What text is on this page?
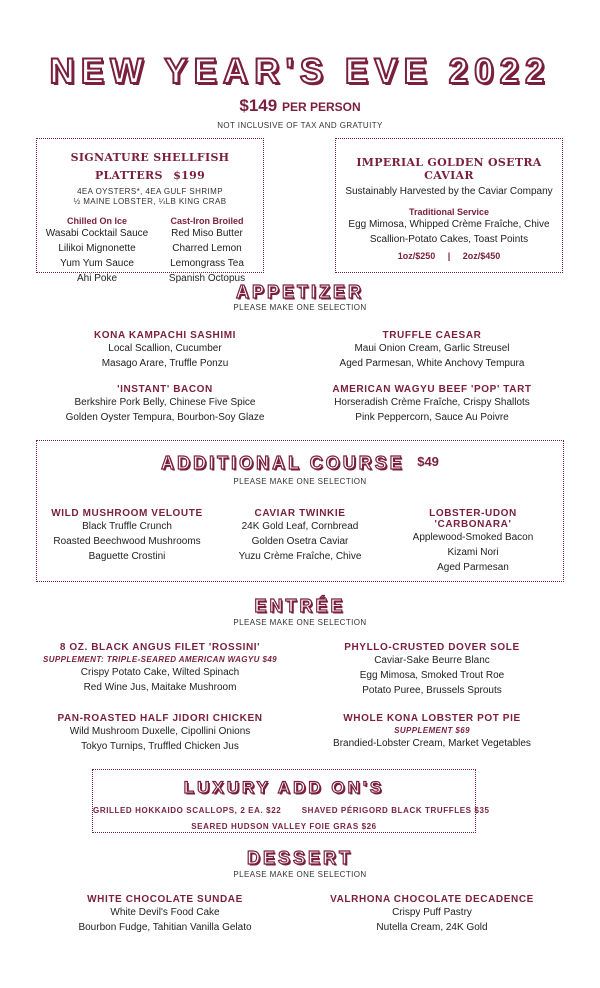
NEW YEAR'S EVE 2022
$149 PER PERSON
NOT INCLUSIVE OF TAX AND GRATUITY
SIGNATURE SHELLFISH PLATTERS $199
4EA OYSTERS*, 4EA GULF SHRIMP
½ MAINE LOBSTER, ¼LB KING CRAB
Chilled On Ice
Wasabi Cocktail Sauce
Lilikoi Mignonette
Yum Yum Sauce
Ahi Poke
Cast-Iron Broiled
Red Miso Butter
Charred Lemon
Lemongrass Tea
Spanish Octopus
IMPERIAL GOLDEN OSETRA CAVIAR
Sustainably Harvested by the Caviar Company
Traditional Service
Egg Mimosa, Whipped Crème Fraîche, Chive
Scallion-Potato Cakes, Toast Points
1oz/$250     |     2oz/$450
APPETIZER
PLEASE MAKE ONE SELECTION
KONA KAMPACHI SASHIMI
Local Scallion, Cucumber
Masago Arare, Truffle Ponzu
TRUFFLE CAESAR
Maui Onion Cream, Garlic Streusel
Aged Parmesan, White Anchovy Tempura
'INSTANT' BACON
Berkshire Pork Belly, Chinese Five Spice
Golden Oyster Tempura, Bourbon-Soy Glaze
AMERICAN WAGYU BEEF 'POP' TART
Horseradish Crème Fraîche, Crispy Shallots
Pink Peppercorn, Sauce Au Poivre
ADDITIONAL COURSE $49
PLEASE MAKE ONE SELECTION
WILD MUSHROOM VELOUTE
Black Truffle Crunch
Roasted Beechwood Mushrooms
Baguette Crostini
CAVIAR TWINKIE
24K Gold Leaf, Cornbread
Golden Osetra Caviar
Yuzu Crème Fraîche, Chive
LOBSTER-UDON 'CARBONARA'
Applewood-Smoked Bacon
Kizami Nori
Aged Parmesan
ENTRÉE
PLEASE MAKE ONE SELECTION
8 OZ. BLACK ANGUS FILET 'ROSSINI'
SUPPLEMENT: TRIPLE-SEARED AMERICAN WAGYU $49
Crispy Potato Cake, Wilted Spinach
Red Wine Jus, Maitake Mushroom
PHYLLO-CRUSTED DOVER SOLE
Caviar-Sake Beurre Blanc
Egg Mimosa, Smoked Trout Roe
Potato Puree, Brussels Sprouts
PAN-ROASTED HALF JIDORI CHICKEN
Wild Mushroom Duxelle, Cipollini Onions
Tokyo Turnips, Truffled Chicken Jus
WHOLE KONA LOBSTER POT PIE
SUPPLEMENT $69
Brandied-Lobster Cream, Market Vegetables
LUXURY ADD ON'S
GRILLED HOKKAIDO SCALLOPS, 2 EA. $22	SHAVED PÉRIGORD BLACK TRUFFLES $35
SEARED HUDSON VALLEY FOIE GRAS $26
DESSERT
PLEASE MAKE ONE SELECTION
WHITE CHOCOLATE SUNDAE
White Devil's Food Cake
Bourbon Fudge, Tahitian Vanilla Gelato
VALRHONA CHOCOLATE DECADENCE
Crispy Puff Pastry
Nutella Cream, 24K Gold
